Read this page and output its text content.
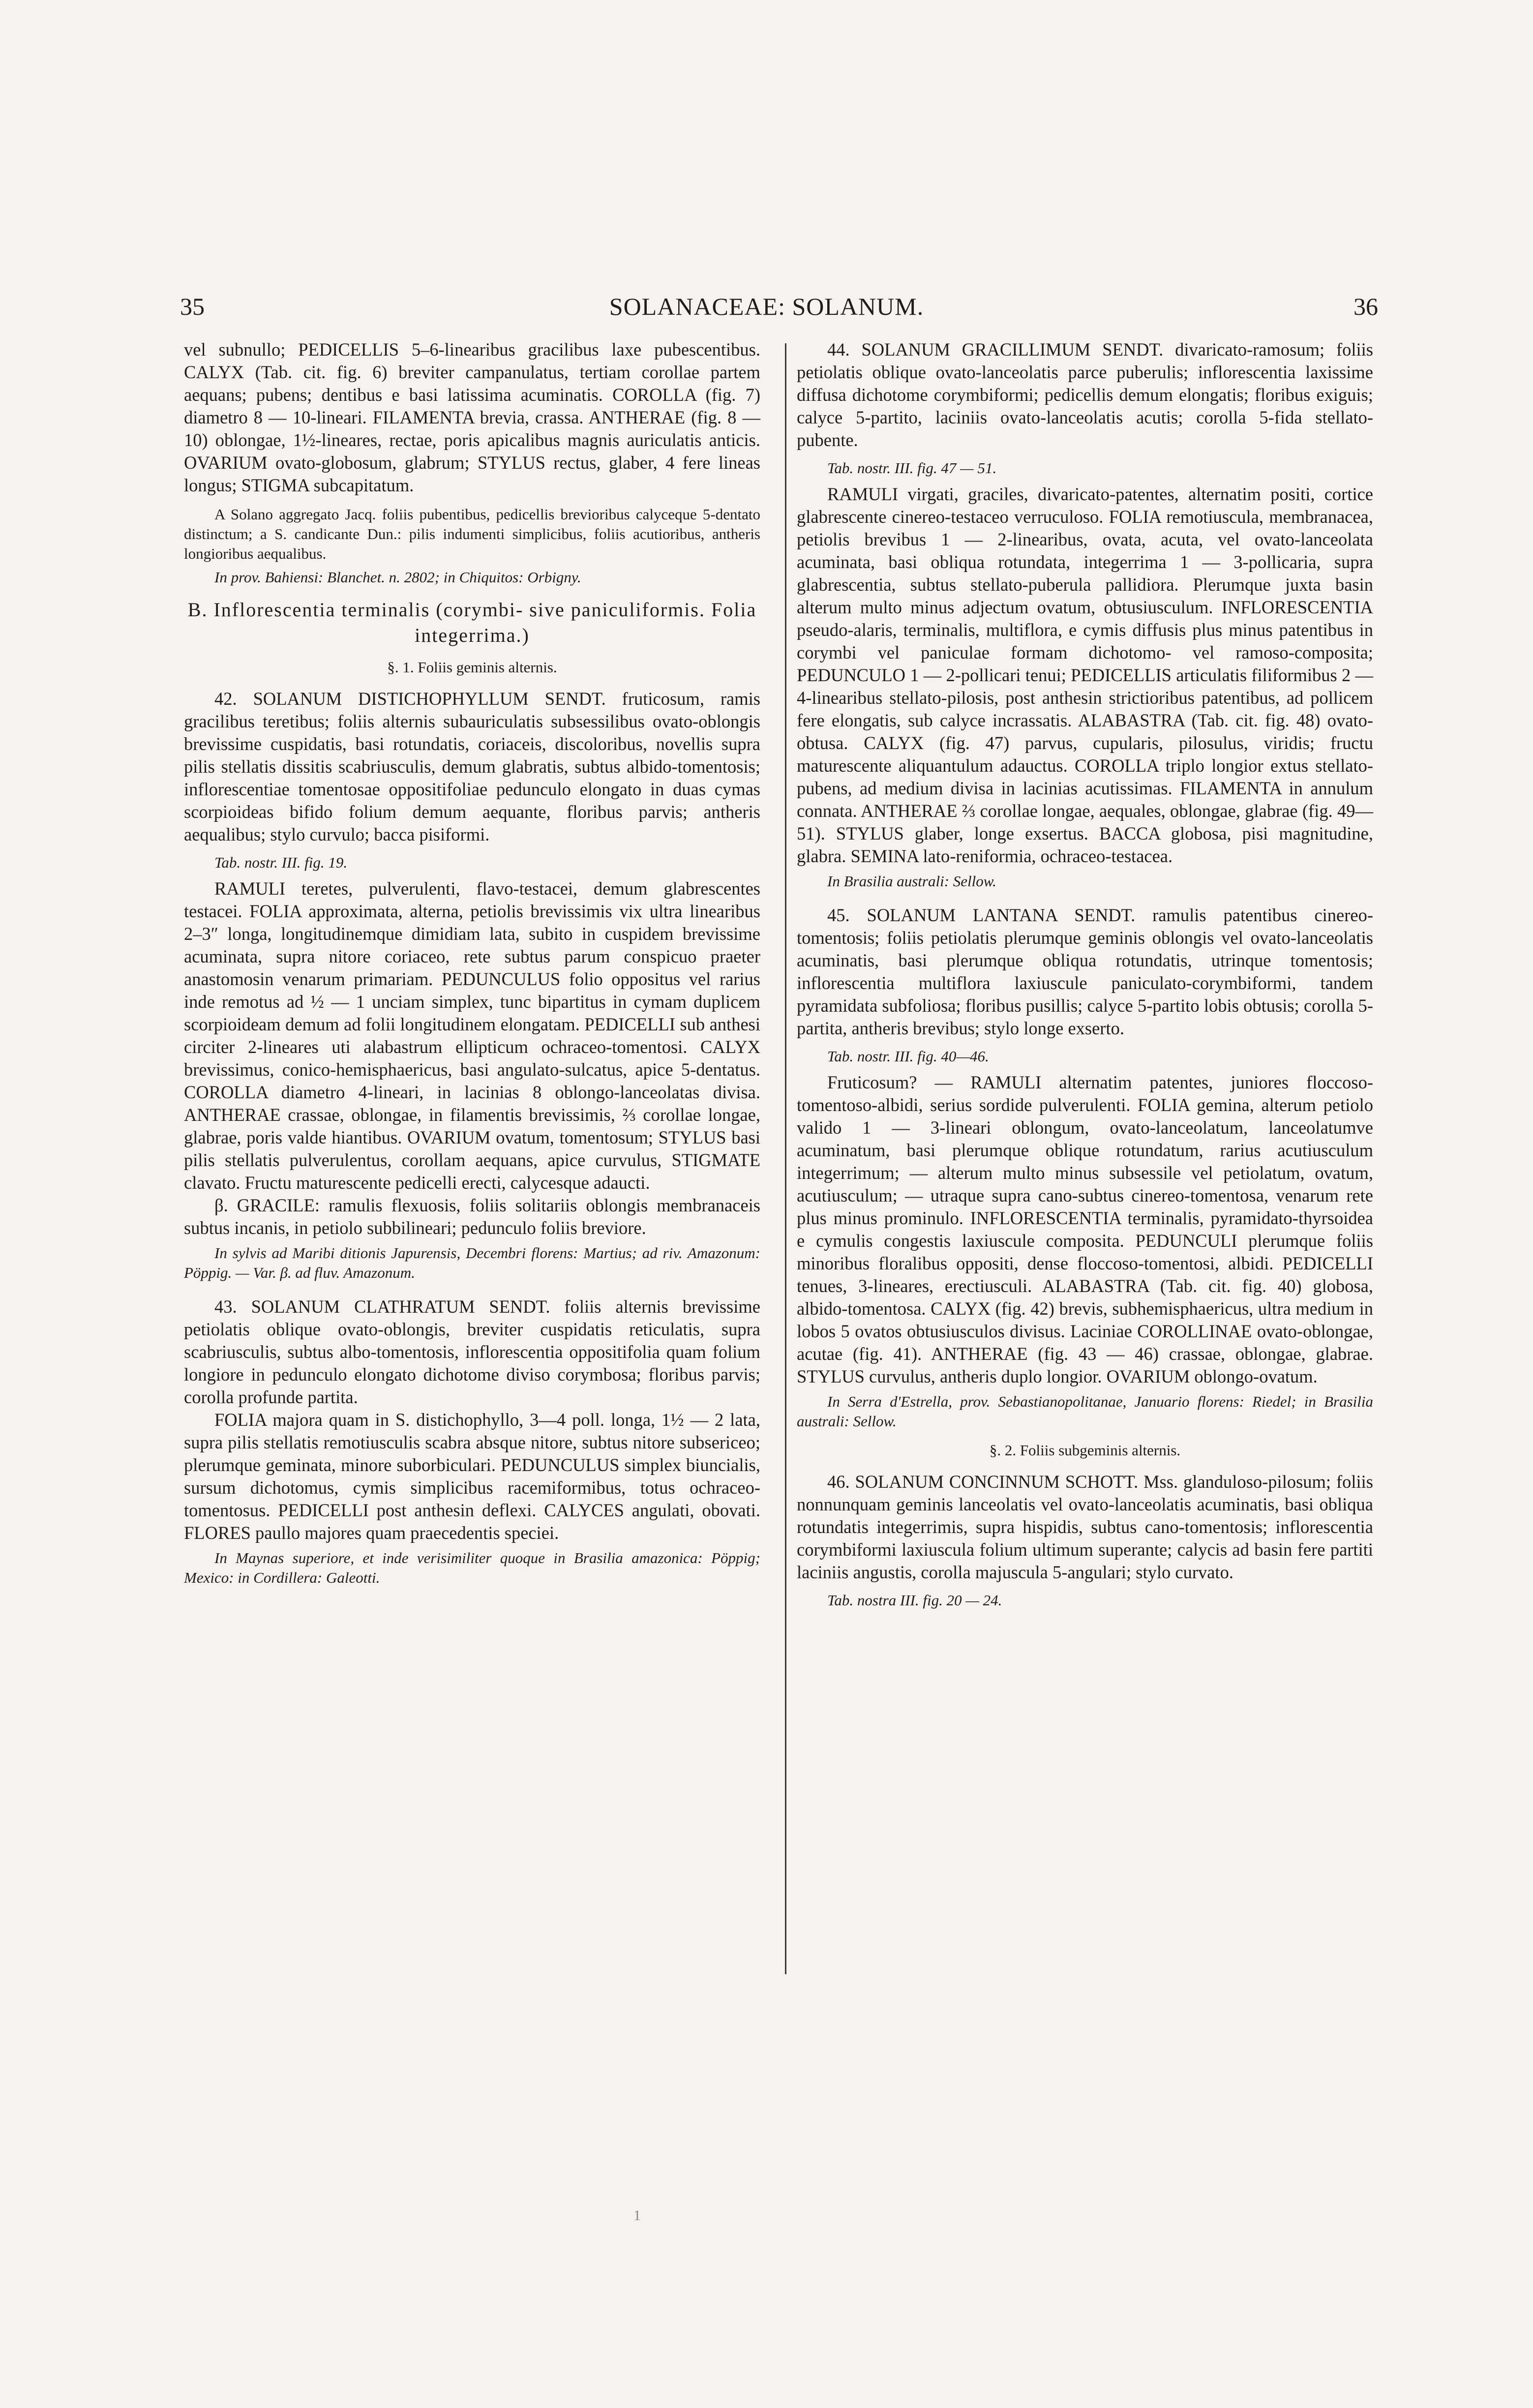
35	SOLANACEAE: SOLANUM.	36

vel subnullo; PEDICELLIS 5–6-linearibus gracilibus laxe pubescentibus. CALYX (Tab. cit. fig. 6) breviter campanulatus, tertiam corollae partem aequans; pubens; dentibus e basi latissima acuminatis. COROLLA (fig. 7) diametro 8 — 10-lineari. FILAMENTA brevia, crassa. ANTHERAE (fig. 8 — 10) oblongae, 1½-lineares, rectae, poris apicalibus magnis auriculatis anticis. OVARIUM ovato-globosum, glabrum; STYLUS rectus, glaber, 4 fere lineas longus; STIGMA subcapitatum.

A Solano aggregato Jacq. foliis pubentibus, pedicellis brevioribus calyceque 5-dentato distinctum; a S. candicante Dun.: pilis indumenti simplicibus, foliis acutioribus, antheris longioribus aequalibus.

In prov. Bahiensi: Blanchet. n. 2802; in Chiquitos: Orbigny.

B. Inflorescentia terminalis (corymbi- sive paniculiformis. Folia integerrima.)

§. 1. Foliis geminis alternis.

42. SOLANUM DISTICHOPHYLLUM SENDT. fruticosum, ramis gracilibus teretibus; foliis alternis subauriculatis subsessilibus ovato-oblongis brevissime cuspidatis, basi rotundatis, coriaceis, discoloribus, novellis supra pilis stellatis dissitis scabriusculis, demum glabratis, subtus albido-tomentosis; inflorescentiae tomentosae oppositifoliae pedunculo elongato in duas cymas scorpioideas bifido folium demum aequante, floribus parvis; antheris aequalibus; stylo curvulo; bacca pisiformi.

Tab. nostr. III. fig. 19.

RAMULI teretes, pulverulenti, flavo-testacei, demum glabrescentes testacei. FOLIA approximata, alterna, petiolis brevissimis vix ultra linearibus 2–3″ longa, longitudinemque dimidiam lata, subito in cuspidem brevissime acuminata, supra nitore coriaceo, rete subtus parum conspicuo praeter anastomosin venarum primariam. PEDUNCULUS folio oppositus vel rarius inde remotus ad ½ — 1 unciam simplex, tunc bipartitus in cymam duplicem scorpioideam demum ad folii longitudinem elongatam. PEDICELLI sub anthesi circiter 2-lineares uti alabastrum ellipticum ochraceo-tomentosi. CALYX brevissimus, conico-hemisphaericus, basi angulato-sulcatus, apice 5-dentatus. COROLLA diametro 4-lineari, in lacinias 8 oblongo-lanceolatas divisa. ANTHERAE crassae, oblongae, in filamentis brevissimis, ⅔ corollae longae, glabrae, poris valde hiantibus. OVARIUM ovatum, tomentosum; STYLUS basi pilis stellatis pulverulentus, corollam aequans, apice curvulus, STIGMATE clavato. Fructu maturescente pedicelli erecti, calycesque adaucti.

β. GRACILE: ramulis flexuosis, foliis solitariis oblongis membranaceis subtus incanis, in petiolo subbilineari; pedunculo foliis breviore.

In sylvis ad Maribi ditionis Japurensis, Decembri florens: Martius; ad riv. Amazonum: Pöppig. — Var. β. ad fluv. Amazonum.

43. SOLANUM CLATHRATUM SENDT. foliis alternis brevissime petiolatis oblique ovato-oblongis, breviter cuspidatis reticulatis, supra scabriusculis, subtus albo-tomentosis, inflorescentia oppositifolia quam folium longiore in pedunculo elongato dichotome diviso corymbosa; floribus parvis; corolla profunde partita.

FOLIA majora quam in S. distichophyllo, 3—4 poll. longa, 1½ — 2 lata, supra pilis stellatis remotiusculis scabra absque nitore, subtus nitore subsericeo; plerumque geminata, minore suborbiculari. PEDUNCULUS simplex biuncialis, sursum dichotomus, cymis simplicibus racemiformibus, totus ochraceo-tomentosus. PEDICELLI post anthesin deflexi. CALYCES angulati, obovati. FLORES paullo majores quam praecedentis speciei.

In Maynas superiore, et inde verisimiliter quoque in Brasilia amazonica: Pöppig; Mexico: in Cordillera: Galeotti.

44. SOLANUM GRACILLIMUM SENDT. divaricato-ramosum; foliis petiolatis oblique ovato-lanceolatis parce puberulis; inflorescentia laxissime diffusa dichotome corymbiformi; pedicellis demum elongatis; floribus exiguis; calyce 5-partito, laciniis ovato-lanceolatis acutis; corolla 5-fida stellato-pubente.

Tab. nostr. III. fig. 47 — 51.

RAMULI virgati, graciles, divaricato-patentes, alternatim positi, cortice glabrescente cinereo-testaceo verruculoso. FOLIA remotiuscula, membranacea, petiolis brevibus 1 — 2-linearibus, ovata, acuta, vel ovato-lanceolata acuminata, basi obliqua rotundata, integerrima 1 — 3-pollicaria, supra glabrescentia, subtus stellato-puberula pallidiora. Plerumque juxta basin alterum multo minus adjectum ovatum, obtusiusculum. INFLORESCENTIA pseudo-alaris, terminalis, multiflora, e cymis diffusis plus minus patentibus in corymbi vel paniculae formam dichotomo- vel ramoso-composita; PEDUNCULO 1 — 2-pollicari tenui; PEDICELLIS articulatis filiformibus 2 — 4-linearibus stellato-pilosis, post anthesin strictioribus patentibus, ad pollicem fere elongatis, sub calyce incrassatis. ALABASTRA (Tab. cit. fig. 48) ovato-obtusa. CALYX (fig. 47) parvus, cupularis, pilosulus, viridis; fructu maturescente aliquantulum adauctus. COROLLA triplo longior extus stellato-pubens, ad medium divisa in lacinias acutissimas. FILAMENTA in annulum connata. ANTHERAE ⅔ corollae longae, aequales, oblongae, glabrae (fig. 49—51). STYLUS glaber, longe exsertus. BACCA globosa, pisi magnitudine, glabra. SEMINA lato-reniformia, ochraceo-testacea.

In Brasilia australi: Sellow.

45. SOLANUM LANTANA SENDT. ramulis patentibus cinereo-tomentosis; foliis petiolatis plerumque geminis oblongis vel ovato-lanceolatis acuminatis, basi plerumque obliqua rotundatis, utrinque tomentosis; inflorescentia multiflora laxiuscule paniculato-corymbiformi, tandem pyramidata subfoliosa; floribus pusillis; calyce 5-partito lobis obtusis; corolla 5-partita, antheris brevibus; stylo longe exserto.

Tab. nostr. III. fig. 40—46.

Fruticosum? — RAMULI alternatim patentes, juniores floccoso-tomentoso-albidi, serius sordide pulverulenti. FOLIA gemina, alterum petiolo valido 1 — 3-lineari oblongum, ovato-lanceolatum, lanceolatumve acuminatum, basi plerumque oblique rotundatum, rarius acutiusculum integerrimum; — alterum multo minus subsessile vel petiolatum, ovatum, acutiusculum; — utraque supra cano-subtus cinereo-tomentosa, venarum rete plus minus prominulo. INFLORESCENTIA terminalis, pyramidato-thyrsoidea e cymulis congestis laxiuscule composita. PEDUNCULI plerumque foliis minoribus floralibus oppositi, dense floccoso-tomentosi, albidi. PEDICELLI tenues, 3-lineares, erectiusculi. ALABASTRA (Tab. cit. fig. 40) globosa, albido-tomentosa. CALYX (fig. 42) brevis, subhemisphaericus, ultra medium in lobos 5 ovatos obtusiusculos divisus. Laciniae COROLLINAE ovato-oblongae, acutae (fig. 41). ANTHERAE (fig. 43 — 46) crassae, oblongae, glabrae. STYLUS curvulus, antheris duplo longior. OVARIUM oblongo-ovatum.

In Serra d'Estrella, prov. Sebastianopolitanae, Januario florens: Riedel; in Brasilia australi: Sellow.

§. 2. Foliis subgeminis alternis.

46. SOLANUM CONCINNUM SCHOTT. Mss. glanduloso-pilosum; foliis nonnunquam geminis lanceolatis vel ovato-lanceolatis acuminatis, basi obliqua rotundatis integerrimis, supra hispidis, subtus cano-tomentosis; inflorescentia corymbiformi laxiuscula folium ultimum superante; calycis ad basin fere partiti laciniis angustis, corolla majuscula 5-angulari; stylo curvato.

Tab. nostra III. fig. 20 — 24.

1
